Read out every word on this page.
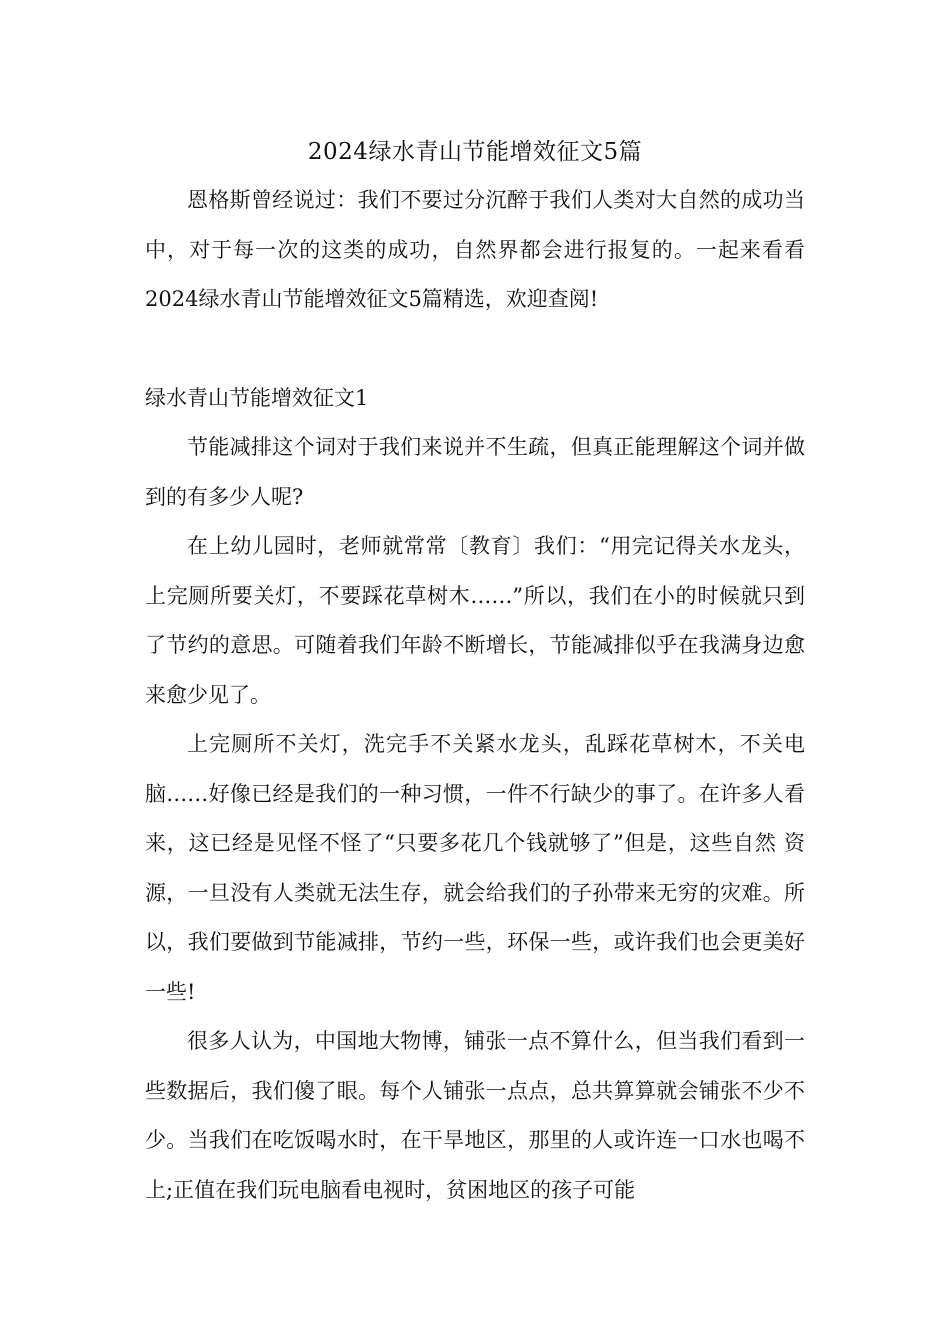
2024绿水青山节能增效征文5篇

恩格斯曾经说过：我们不要过分沉醉于我们人类对大自然的成功当中，对于每一次的这类的成功，自然界都会进行报复的。一起来看看2024绿水青山节能增效征文5篇精选，欢迎查阅!

绿水青山节能增效征文1

节能减排这个词对于我们来说并不生疏，但真正能理解这个词并做到的有多少人呢?

在上幼儿园时，老师就常常〔教育〕我们：“用完记得关水龙头，上完厕所要关灯，不要踩花草树木……”所以，我们在小的时候就只到了节约的意思。可随着我们年龄不断增长，节能减排似乎在我满身边愈来愈少见了。

上完厕所不关灯，洗完手不关紧水龙头，乱踩花草树木，不关电脑……好像已经是我们的一种习惯，一件不行缺少的事了。在许多人看来，这已经是见怪不怪了“只要多花几个钱就够了”但是，这些自然 资源，一旦没有人类就无法生存，就会给我们的子孙带来无穷的灾难。所以，我们要做到节能减排，节约一些，环保一些，或许我们也会更美好一些!

很多人认为，中国地大物博，铺张一点不算什么，但当我们看到一些数据后，我们傻了眼。每个人铺张一点点，总共算算就会铺张不少不少。当我们在吃饭喝水时，在干旱地区，那里的人或许连一口水也喝不上;正值在我们玩电脑看电视时，贫困地区的孩子可能
